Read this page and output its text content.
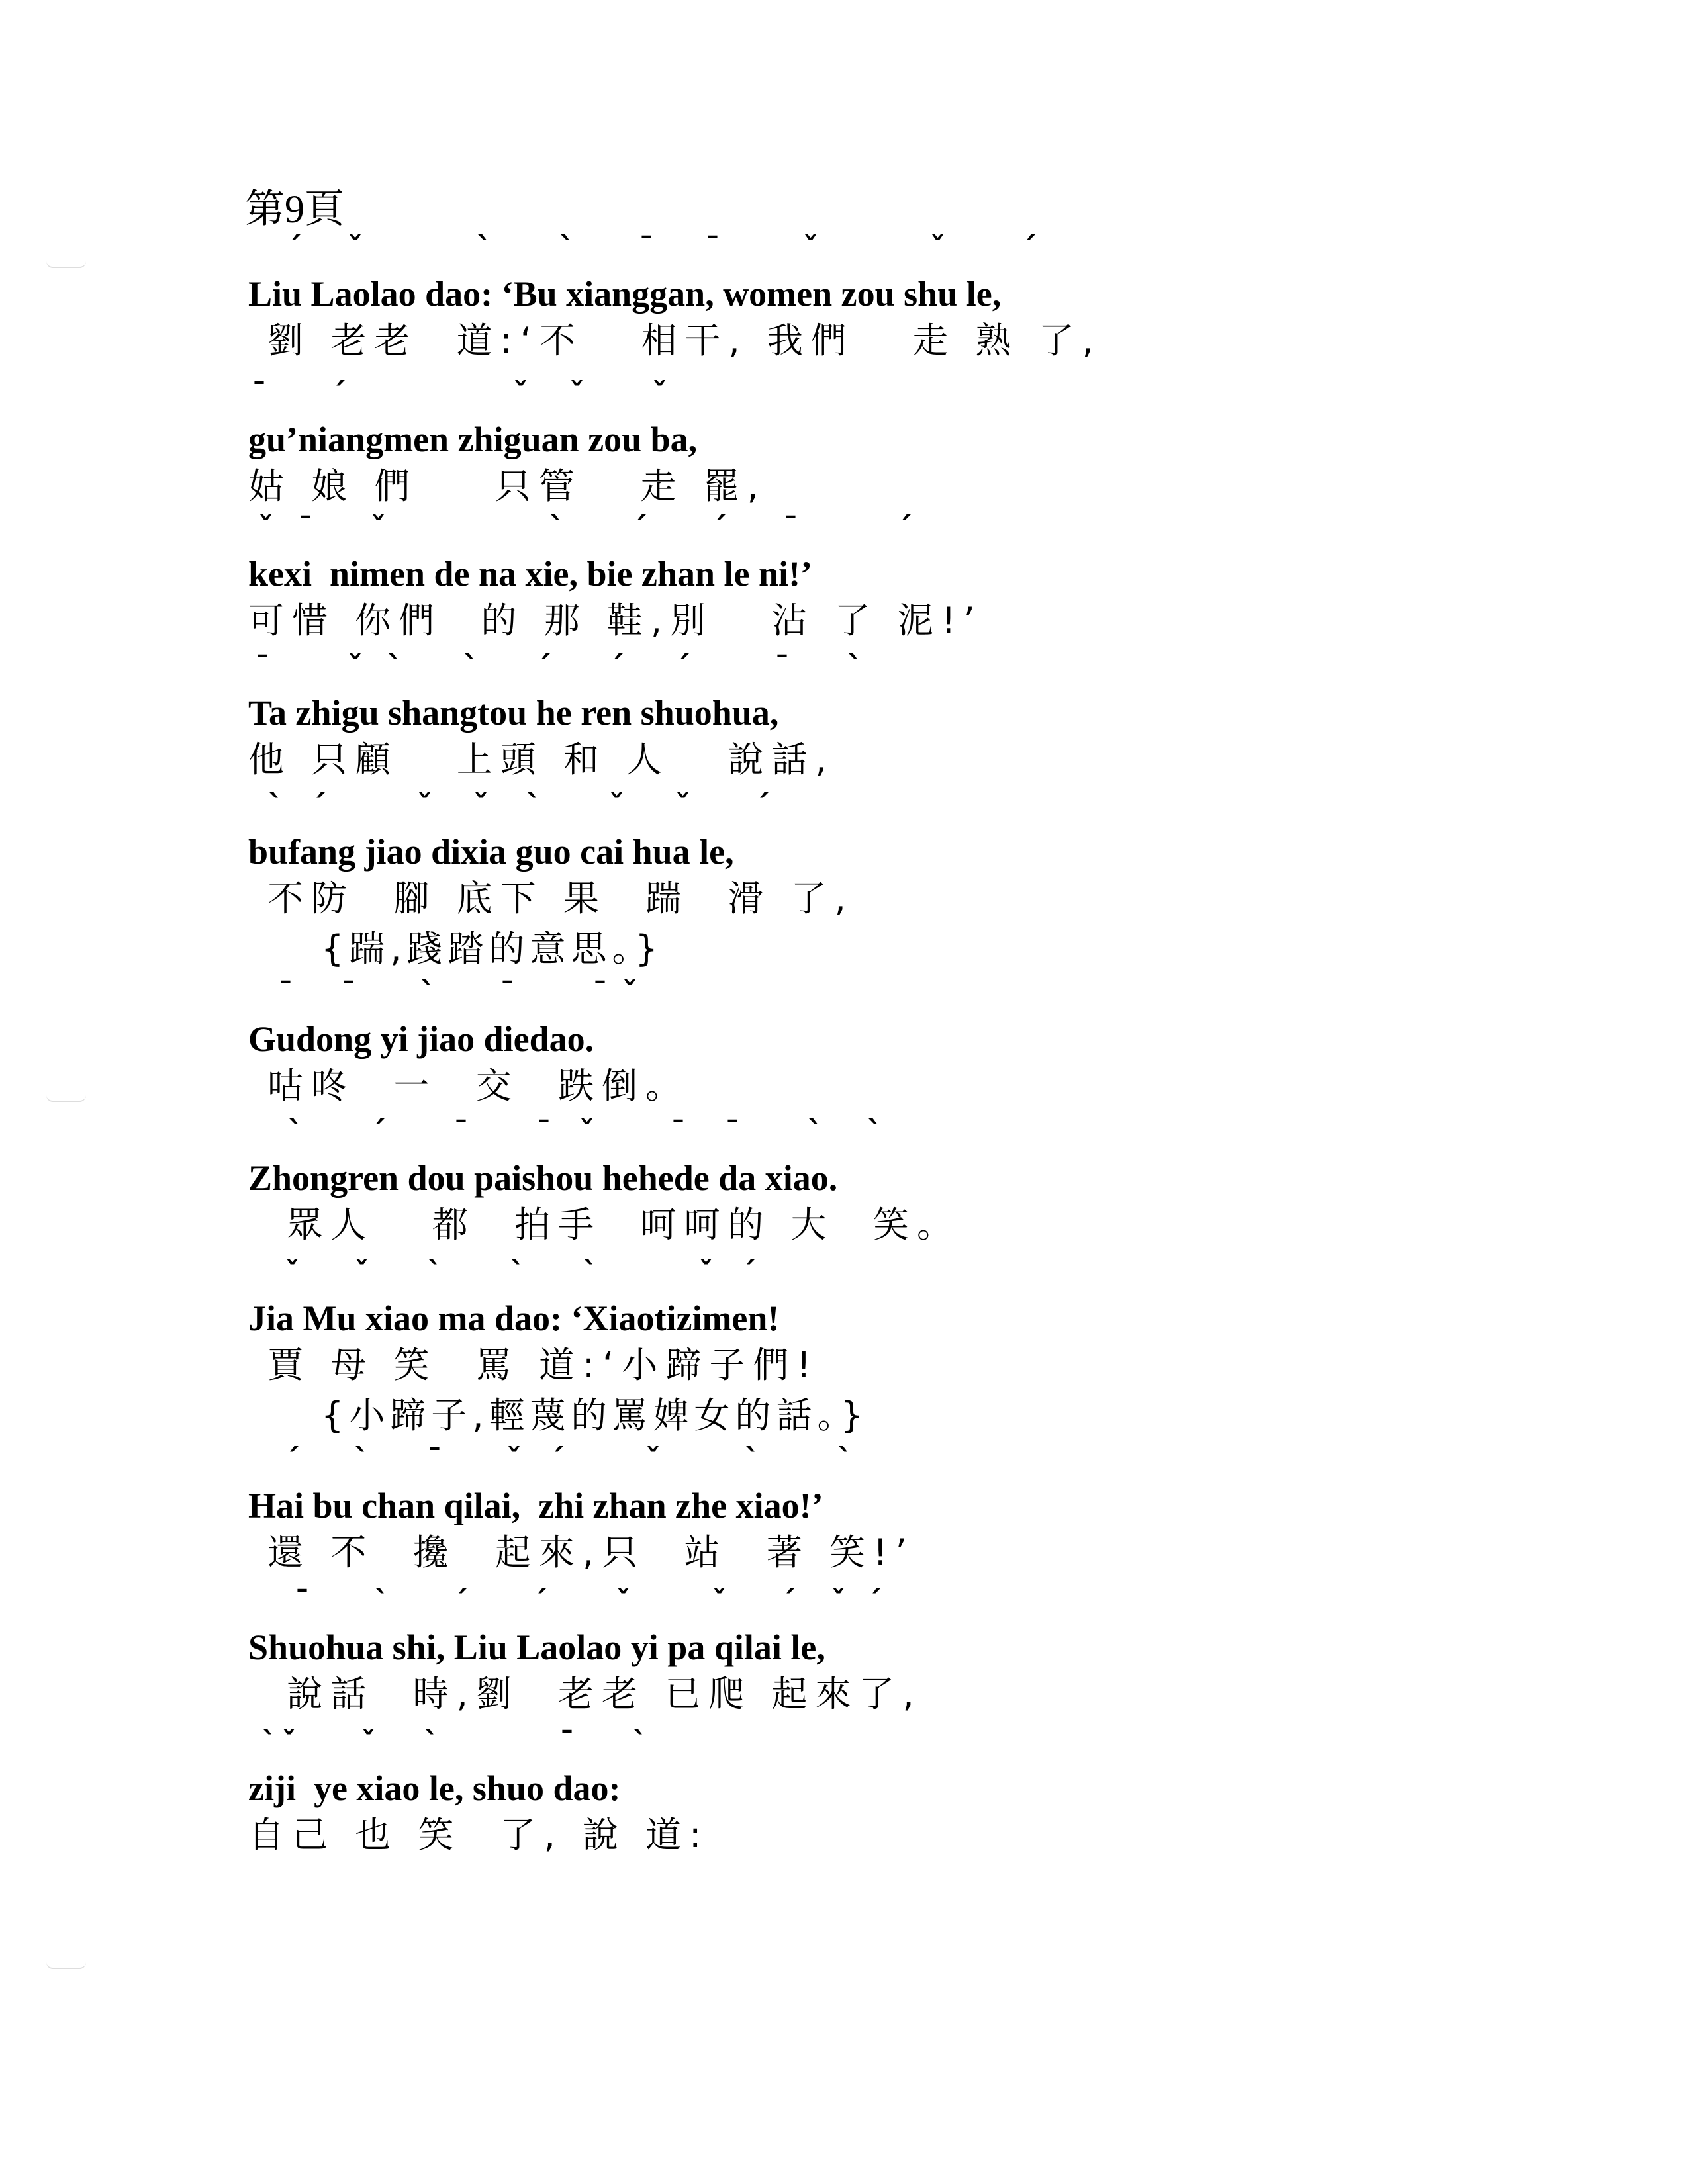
第9頁
ˊ ˇ	ˋ ˋ ˉ ˉ	ˇ	ˇ	ˊ
Liu Laolao dao: ‘Bu xianggan, women zou shu le,
劉 老老  道:‘不   相干, 我們   走 熟 了,
ˉ ˊ	ˇ ˇ ˇ
gu’niangmen zhiguan zou ba,
姑 娘 們    只管   走 罷,
ˇ ˉ ˇ	ˋ ˊ ˊ ˉ	ˊ
kexi  nimen de na xie, bie zhan le ni!’
可惜 你們  的 那 鞋,別   沾 了 泥!’
ˉ	ˇ ˋ ˋ ˊ ˊ ˊ	ˉ ˋ
Ta zhigu shangtou he ren shuohua,
他 只顧   上頭 和 人   說話,
ˋ ˊ	ˇ ˇ ˋ ˇ ˇ ˊ
bufang jiao dixia guo cai hua le,
不防  腳 底下 果  踹  滑 了,
{踹,踐踏的意思。}
ˉ ˉ ˋ ˉ	ˉ ˇ
Gudong yi jiao diedao.
咕咚  一  交  跌倒。
ˋ ˊ ˉ ˉ ˇ	ˉ ˉ ˋ ˋ
Zhongren dou paishou hehede da xiao.
眾人   都  拍手  呵呵的 大  笑。
ˇ ˇ ˋ ˋ ˋ	ˇ ˊ
Jia Mu xiao ma dao: ‘Xiaotizimen!
賈 母 笑  罵 道:‘小蹄子們!
{小蹄子,輕蔑的罵婢女的話。}
ˊ ˋ ˉ ˇ ˊ	ˇ	ˋ	ˋ
Hai bu chan qilai,  zhi zhan zhe xiao!’
還 不  攙  起來,只  站  著 笑!’
ˉ ˋ ˊ ˊ ˇ	ˇ ˊ ˇ ˊ
Shuohua shi, Liu Laolao yi pa qilai le,
說話  時,劉  老老 已爬 起來了,
ˋ ˇ ˇ ˋ	ˉ ˋ
ziji  ye xiao le, shuo dao:
自己 也 笑  了, 說 道:
